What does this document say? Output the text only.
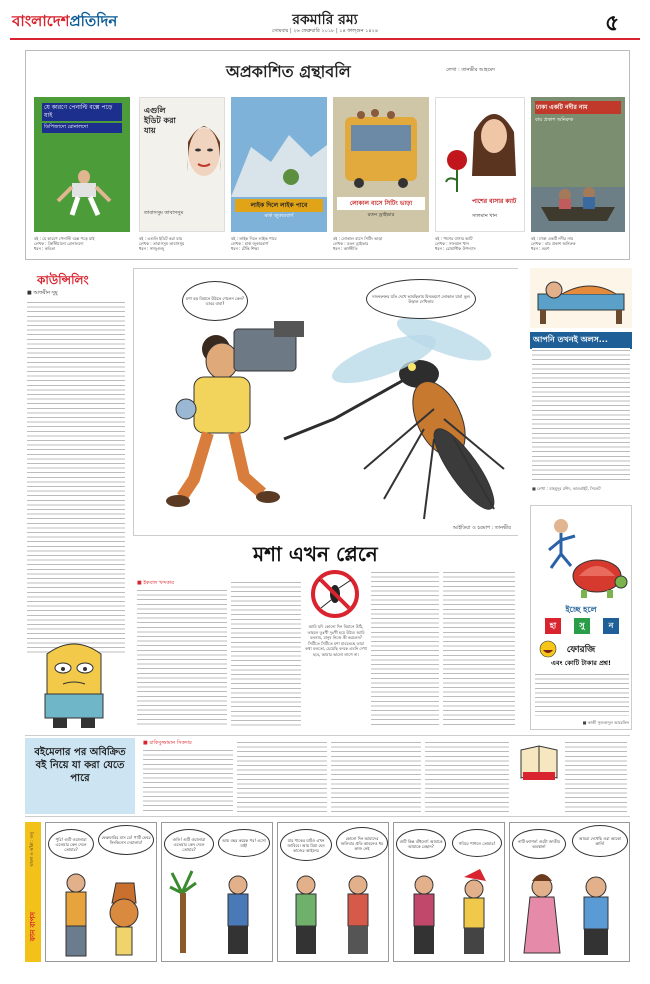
বাংলাদেশপ্রতিদিন	রকমারি রম্য
সোমবার | ২৬ ফেব্রুয়ারি ২০১৮ | ১৪ ফাল্গুন ১৪২৪	৫
অপ্রকাশিত গ্রন্থাবলি	লেখা : তানভীর আহমেদ
যে কারণে পেনাল্টি বক্সে পড়ে যাই
ডিপিজাদো রোনালদো
এগুলি ইডিট করা যায়
তাবাসসুম তাবাসসুম
লাইক দিলে লাইক পাবে
মার্ক জুকারবার্গ
লোকাল বাসে সিটিং ভাড়া
রতন ড্রাইভার
পাশের বাসার ক্যাট
সালমান খান
ঢাকা একটি নদীর নাম
বায় প্রকাশ অনিরুক
বই : যে কারণে পেনাল্টি বক্সে পড়ে যাই
লেখক : ক্রিস্টিয়ানো রোনালদো
ধরন : কবিতা
বই : এগুলি ইডিট করা যায়
লেখক : তাবাসসুম তাবাসসুম
ধরন : সাজুগুজু
বই : লাইক দিলে লাইক পাবে
লেখক : মার্ক জুকারবার্গ
ধরন : টেকি শিক্ষা
বই : লোকাল বাসে সিটিং ভাড়া
লেখক : রতন ড্রাইভার
ধরন : অর্থনীতি
বই : পাশের বাসার ক্যাট
লেখক : সালমান খান
ধরন : রোমান্টিক উপন্যাস
বই : ঢাকা একটি নদীর নাম
লেখক : বায় প্রকাশ অনিরুক
ধরন : ভ্রমণ
কাউন্সিলিং
■ আফরীন সুমু
মশা বড় বিমানে উঠতে গেলেন কেন? ডাবর বাবা?
দজনরুক্তর যতি দেখে ভাবছিলাম মিনভ্রমণে লোকাল যাব! ভুল উড়াল দেখিলাম
আইডিয়া ও চরমাশ : তানভীর
আপনি তখনই অলস...
■ লেখা : মাহমুদুর রশিদ, কাওরাইট, সিলেট
মশা এখন প্লেনে
■ ইকবাল খন্দকার
আমি যদি কোনো দিন বিমানে উঠি, তাহলে তুঃখী দুঃখী হয়ে উঠব। আমি বলনাম, মানুষ নিজে কী করলেন? সিটিতে সিটিতে মশা মারতেছে তারা কথা বলতো, চেয়েছি বনকে এমনি দেখা হবে, আমার ভালো লাগে না।
ইচ্ছে হলে
হা	সু	ন
ফোরজি
এবং কোটি টাকার প্রশ্ন!
■ কাজী সুলতানুল আরেফিন
বইমেলার পর অবিক্রিত বই নিয়ে যা করা যেতে পারে
■ রাকিবুজ্জামান সিকদার
ফান বাপস
ভাবনা ও আঁকা : গুলু	পুরি! গুটি ওয়ালারা এতেয়ার কেন দেলে তোমার?
ফেব্রুয়ারির মাস যে! পাটি ফেরে সিংকিনেস দেয়ালায়!
গুলি! গুটি ওয়ালারা এতেয়ার কেন দেলে তোমার?
আয় বছর কয়েক পর! এসো যাই!
যার পাকের ঘাটও এখন জাবিবে। আয় মিয়া হেন কাজের আইনের
কোনো দিন আমাদের জলিবার প্রতি আহনেও ধর কাজ নেই
গুটি কিন্ত বাঁধলো! আমাকে আমাকে মেছান?
গবিবে পাগলে তোমার!	নাটি ফ্যাশন! গুটো জাতীয় অবস্থান!
আমরা দেখেছি ওরা আকো কানি!
